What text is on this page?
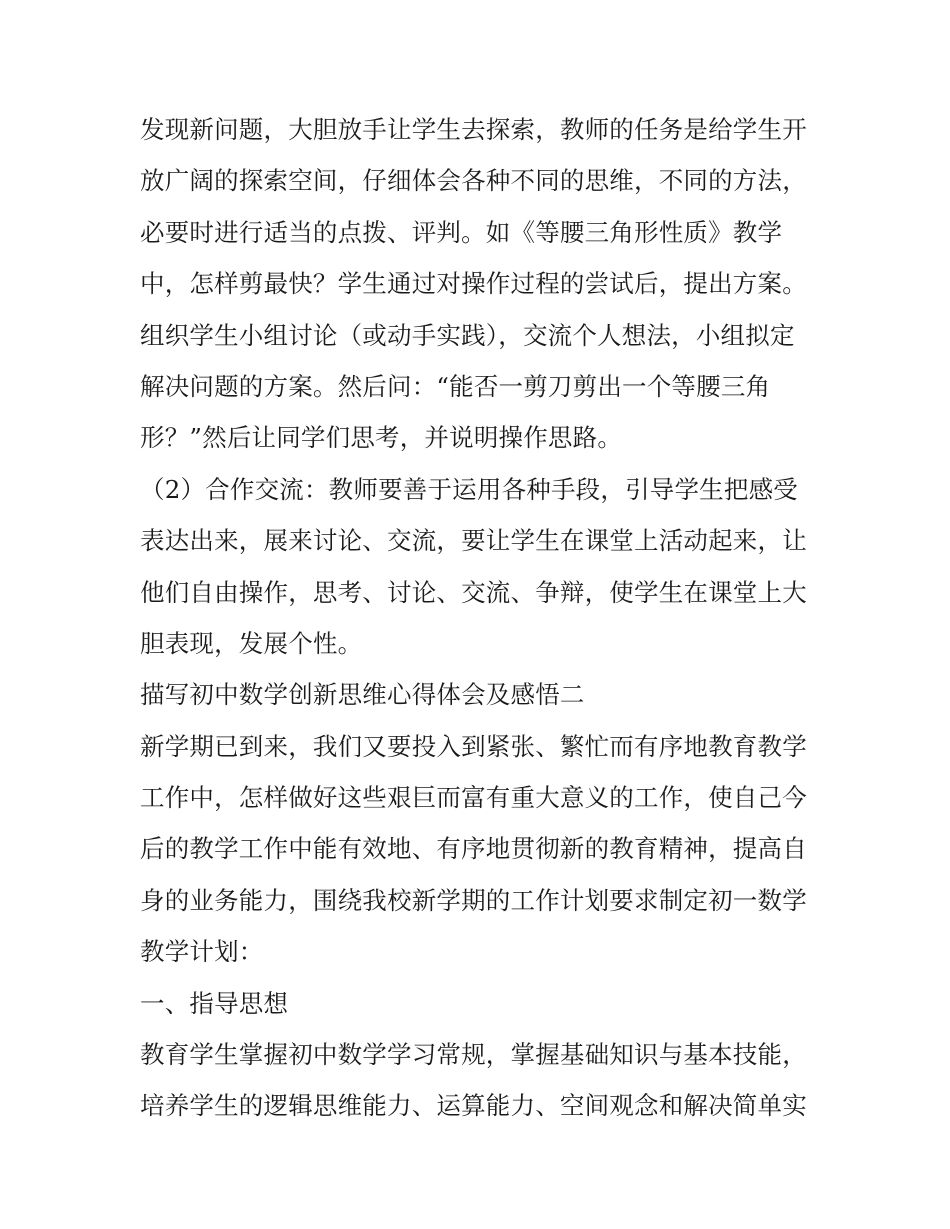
发现新问题，大胆放手让学生去探索，教师的任务是给学生开
放广阔的探索空间，仔细体会各种不同的思维，不同的方法，
必要时进行适当的点拨、评判。如《等腰三角形性质》教学
中，怎样剪最快？学生通过对操作过程的尝试后，提出方案。
组织学生小组讨论（或动手实践），交流个人想法，小组拟定
解决问题的方案。然后问：“能否一剪刀剪出一个等腰三角
形？”然后让同学们思考，并说明操作思路。
（2）合作交流：教师要善于运用各种手段，引导学生把感受
表达出来，展来讨论、交流，要让学生在课堂上活动起来，让
他们自由操作，思考、讨论、交流、争辩，使学生在课堂上大
胆表现，发展个性。
描写初中数学创新思维心得体会及感悟二
新学期已到来，我们又要投入到紧张、繁忙而有序地教育教学
工作中，怎样做好这些艰巨而富有重大意义的工作，使自己今
后的教学工作中能有效地、有序地贯彻新的教育精神，提高自
身的业务能力，围绕我校新学期的工作计划要求制定初一数学
教学计划：
一、指导思想
教育学生掌握初中数学学习常规，掌握基础知识与基本技能，
培养学生的逻辑思维能力、运算能力、空间观念和解决简单实
